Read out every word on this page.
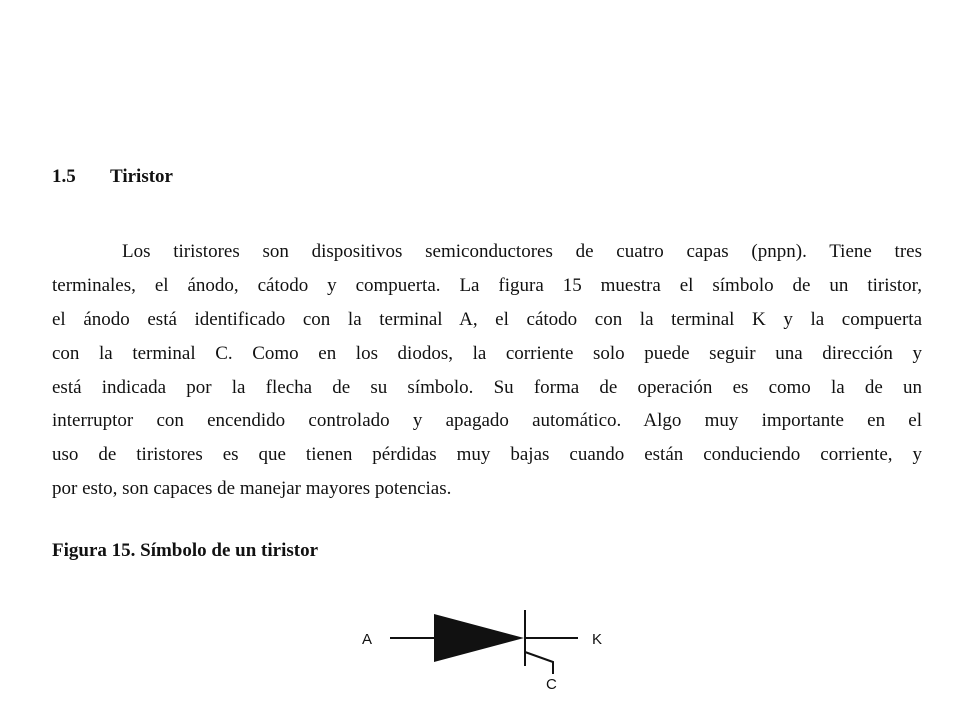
1.5 Tiristor
Los tiristores son dispositivos semiconductores de cuatro capas (pnpn). Tiene tres
terminales, el ánodo, cátodo y compuerta. La figura 15 muestra el símbolo de un tiristor,
el ánodo está identificado con la terminal A, el cátodo con la terminal K y la compuerta
con la terminal C. Como en los diodos, la corriente solo puede seguir una dirección y
está indicada por la flecha de su símbolo. Su forma de operación es como la de un
interruptor con encendido controlado y apagado automático. Algo muy importante en el
uso de tiristores es que tienen pérdidas muy bajas cuando están conduciendo corriente, y
por esto, son capaces de manejar mayores potencias.
Figura 15. Símbolo de un tiristor
A	K
C
